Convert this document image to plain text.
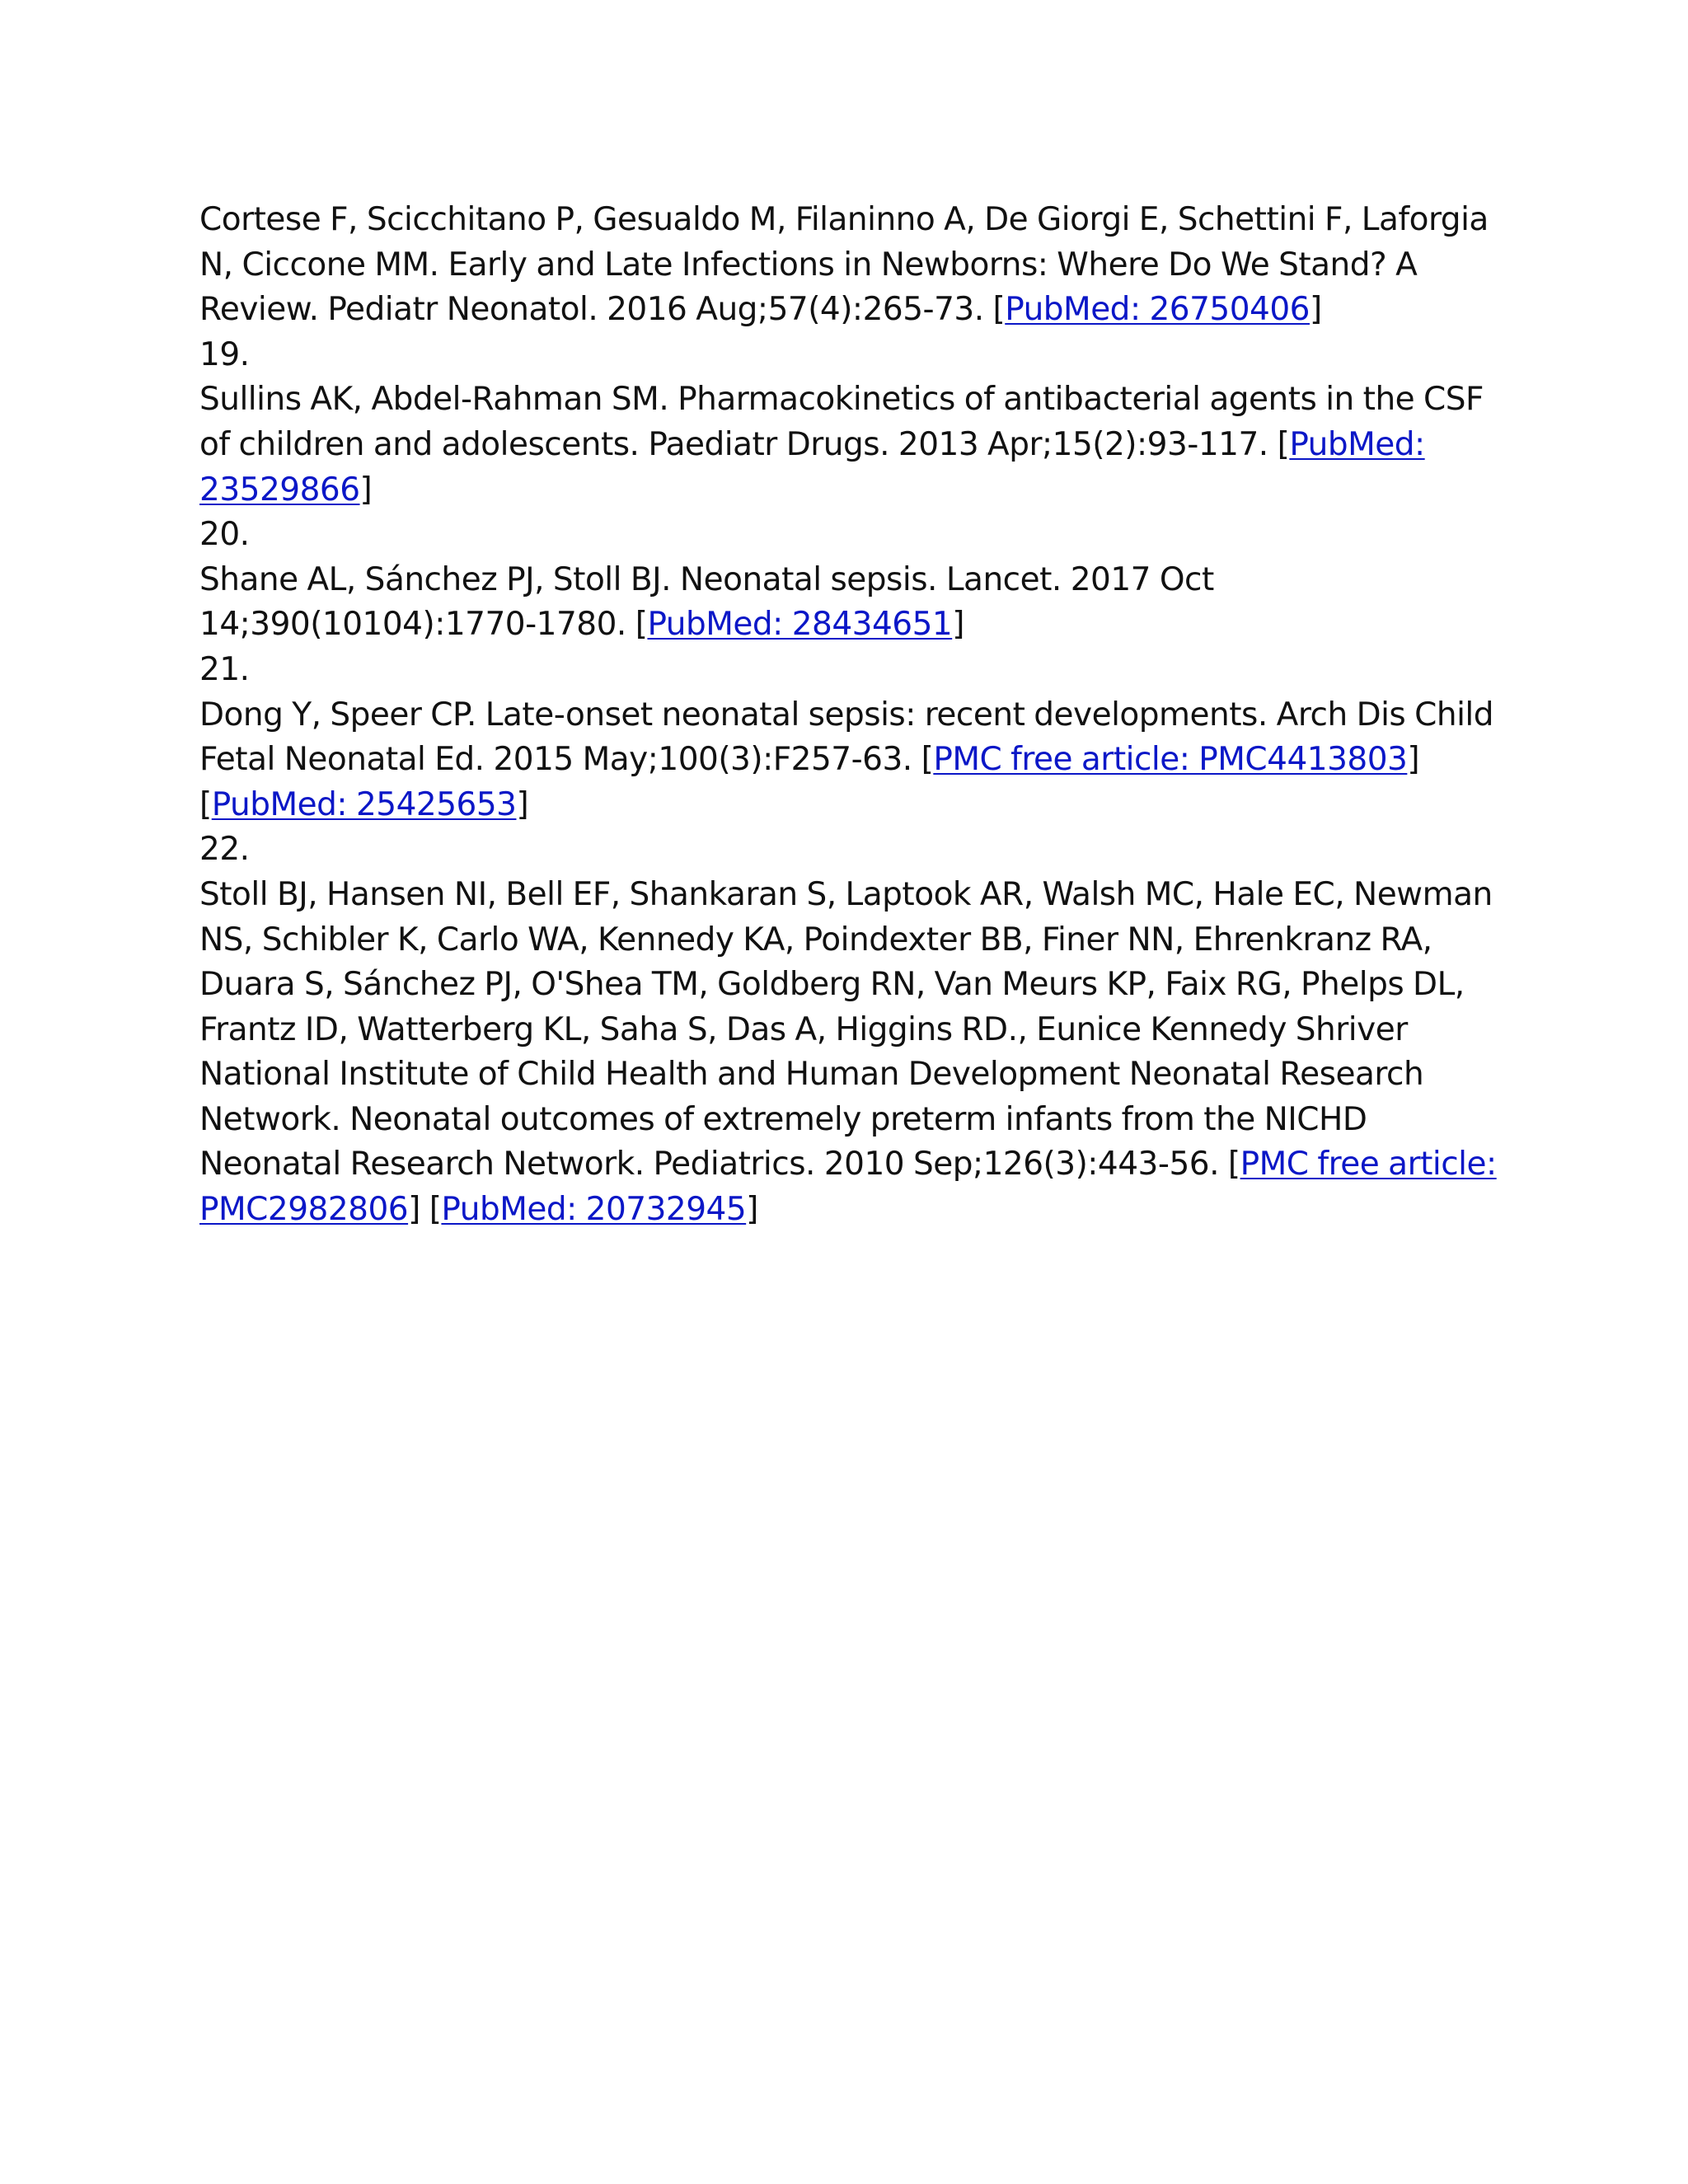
Cortese F, Scicchitano P, Gesualdo M, Filaninno A, De Giorgi E, Schettini F, Laforgia N, Ciccone MM. Early and Late Infections in Newborns: Where Do We Stand? A Review. Pediatr Neonatol. 2016 Aug;57(4):265-73. [PubMed: 26750406]

19.

Sullins AK, Abdel-Rahman SM. Pharmacokinetics of antibacterial agents in the CSF of children and adolescents. Paediatr Drugs. 2013 Apr;15(2):93-117. [PubMed: 23529866]

20.

Shane AL, Sánchez PJ, Stoll BJ. Neonatal sepsis. Lancet. 2017 Oct 14;390(10104):1770-1780. [PubMed: 28434651]

21.

Dong Y, Speer CP. Late-onset neonatal sepsis: recent developments. Arch Dis Child Fetal Neonatal Ed. 2015 May;100(3):F257-63. [PMC free article: PMC4413803] [PubMed: 25425653]

22.

Stoll BJ, Hansen NI, Bell EF, Shankaran S, Laptook AR, Walsh MC, Hale EC, Newman NS, Schibler K, Carlo WA, Kennedy KA, Poindexter BB, Finer NN, Ehrenkranz RA, Duara S, Sánchez PJ, O'Shea TM, Goldberg RN, Van Meurs KP, Faix RG, Phelps DL, Frantz ID, Watterberg KL, Saha S, Das A, Higgins RD., Eunice Kennedy Shriver National Institute of Child Health and Human Development Neonatal Research Network. Neonatal outcomes of extremely preterm infants from the NICHD Neonatal Research Network. Pediatrics. 2010 Sep;126(3):443-56. [PMC free article: PMC2982806] [PubMed: 20732945]
